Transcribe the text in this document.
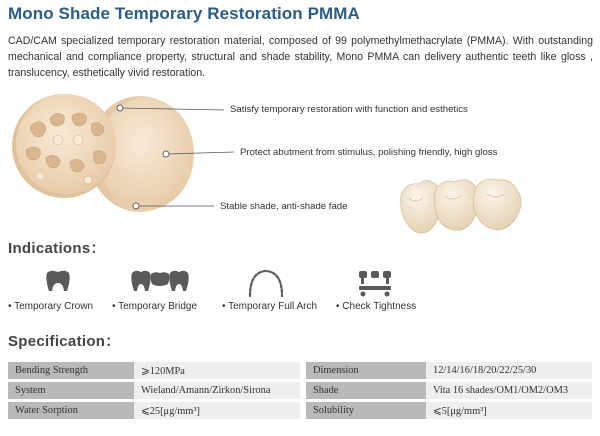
Mono Shade Temporary Restoration PMMA
CAD/CAM specialized temporary restoration material, composed of 99 polymethylmethacrylate (PMMA). With outstanding mechanical and compliance property, structural and shade stability, Mono PMMA can delivery authentic teeth like gloss , translucency, esthetically vivid restoration.
Satisfy temporary restoration with function and esthetics
Protect abutment from stimulus, polishing friendly, high gloss
Stable shade, anti-shade fade
Indications：
• Temporary Crown • Temporary Bridge • Temporary Full Arch • Check Tightness
Specification：
Bending Strength	⩾120MPa		Dimension	12/14/16/18/20/22/25/30
System	Wieland/Amann/Zirkon/Sirona		Shade	Vita 16 shades/OM1/OM2/OM3
Water Sorption	⩽25[μg/mm³]		Solubility	⩽5[μg/mm³]
